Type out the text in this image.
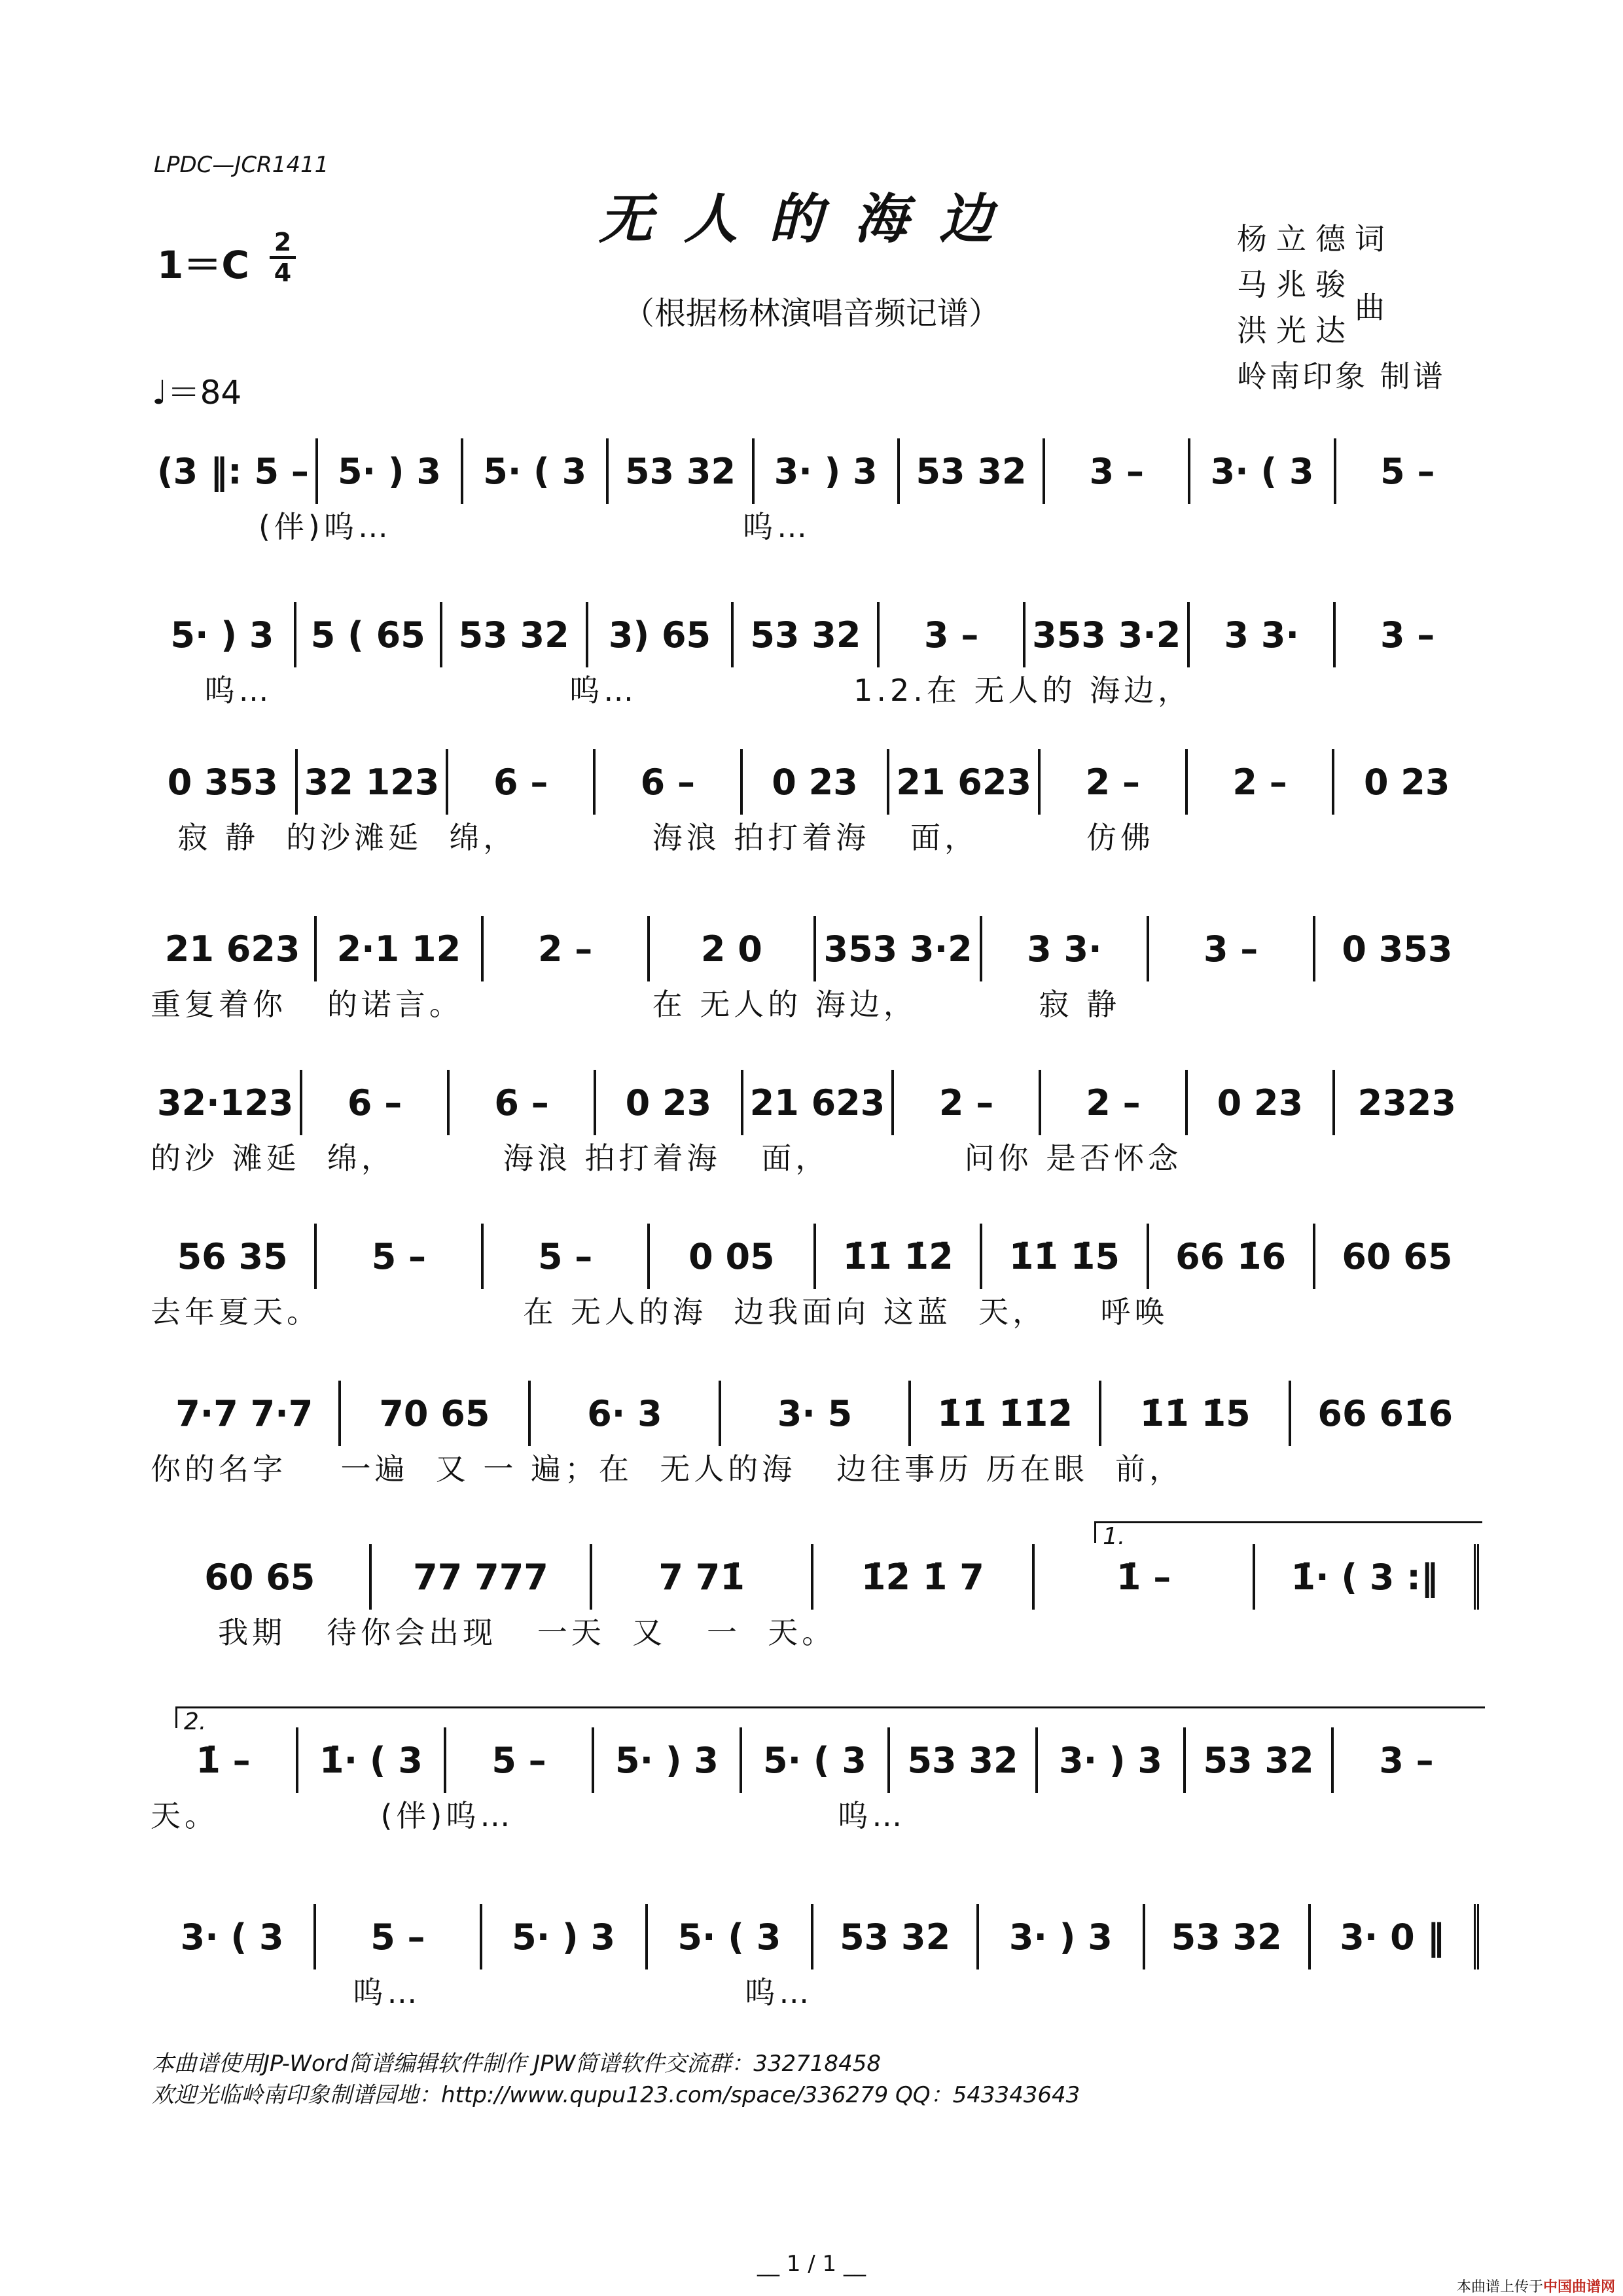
LPDC—JCR1411
无人的海边
1＝C
2
4
（根据杨林演唱音频记谱）
♩＝84
杨立德词
马兆骏
洪光达
曲
岭南印象 制谱
(3 ‖: 5 – 5· ) 3	5· ( 3	53 32	3· ) 3	53 32	3 –	3· ( 3	5 –
(伴)呜…                          呜…
5· ) 3	5 ( 65 53 32	3) 65	53 32	3 –	353 3·2	3 3·	3 –
呜…                      呜…                1.2.在 无人的 海边，
0 353 32 123	6 –	6 –	0 23	21 623	2 –	2 –	0 23
寂 静  的沙滩延  绵，          海浪 拍打着海   面，        仿佛
21 623	2·1 12	2 –	2 0	353 3·2	3 3·	3 –	0 353
重复着你   的诺言。              在 无人的 海边，         寂 静
32·123	6 –	6 –	0 23	21 623	2 –	2 –	0 23	2323
的沙 滩延  绵，        海浪 拍打着海   面，          问你 是否怀念
56 35	5 –	5 –	0 05	1̇1̇ 1̇2̇	1̇1̇ 1̇5	66 1̇6	60 65
去年夏天。               在 无人的海  边我面向 这蓝  天，    呼唤
7·7 7·7	70 65	6· 3	3· 5	1̇1̇ 1̇1̇2̇	1̇1̇ 1̇5	66 61̇6
你的名字    一遍  又 一 遍；在  无人的海   边往事历 历在眼  前，
60 65	77 777	7 71̇	1̇2̇ 1̇ 7	1̇ –	1̇· ( 3 :‖
我期   待你会出现   一天  又   一  天。
1̇ –	1̇· ( 3	5 –	5· ) 3	5· ( 3	53 32	3· ) 3	53 32	3 –
天。            (伴)呜…                        呜…
3· ( 3	5 –	5· ) 3	5· ( 3	53 32	3· ) 3	53 32	3· 0 ‖
呜…                        呜…
1.
2.
本曲谱使用JP-Word简谱编辑软件制作 JPW简谱软件交流群：332718458
欢迎光临岭南印象制谱园地：http://www.qupu123.com/space/336279 QQ：543343643
__ 1 / 1 __
本曲谱上传于中国曲谱网
